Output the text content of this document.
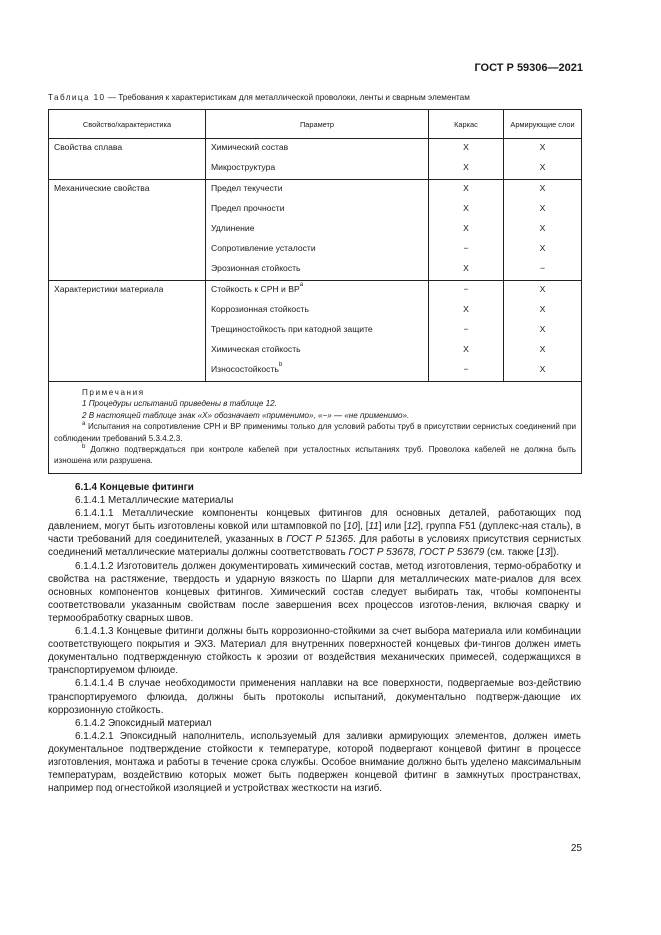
ГОСТ Р 59306—2021
Таблица 10 — Требования к характеристикам для металлической проволоки, ленты и сварным элементам
Свойство/характеристика	Параметр	Каркас	Армирующие слои
Свойства сплава	Химический состав	X	X
	Микроструктура	X	X
Механические свойства	Предел текучести	X	X
	Предел прочности	X	X
	Удлинение	X	X
	Сопротивление усталости	−	X
	Эрозионная стойкость	X	−
Характеристики материала	Стойкость к СРН и $ВР^a$	−	X
	Коррозионная стойкость	X	X
	Трещиностойкость при катодной защите	−	X
	Химическая стойкость	X	X
	Износостойкость$^b$	−	X

Примечания
1 Процедуры испытаний приведены в таблице 12.
2 В настоящей таблице знак «X» обозначает «применимо», «−» — «не применимо».
$^a$ Испытания на сопротивление СРН и ВР применимы только для условий работы труб в присутствии сернистых соединений при соблюдении требований 5.3.4.2.3.
$^b$ Должно подтверждаться при контроле кабелей при усталостных испытаниях труб. Проволока кабелей не должна быть изношена или разрушена.			

6.1.4 Концевые фитинги

6.1.4.1 Металлические материалы

6.1.4.1.1 Металлические компоненты концевых фитингов для основных деталей, работающих под давлением, могут быть изготовлены ковкой или штамповкой по [10], [11] или [12], группа F51 (дуплекс-ная сталь), в части требований для соединителей, указанных в ГОСТ Р 51365. Для работы в условиях присутствия сернистых соединений металлические материалы должны соответствовать ГОСТ Р 53678, ГОСТ Р 53679 (см. также [13]).

6.1.4.1.2 Изготовитель должен документировать химический состав, метод изготовления, термо-обработку и свойства на растяжение, твердость и ударную вязкость по Шарпи для металлических мате-риалов для всех основных компонентов концевых фитингов. Химический состав следует выбирать так, чтобы компоненты соответствовали указанным свойствам после завершения всех процессов изготов-ления, включая сварку и термообработку сварных швов.

6.1.4.1.3 Концевые фитинги должны быть коррозионно-стойкими за счет выбора материала или комбинации соответствующего покрытия и ЭХЗ. Материал для внутренних поверхностей концевых фи-тингов должен иметь документально подтвержденную стойкость к эрозии от воздействия механических примесей, содержащихся в транспортируемом флюиде.

6.1.4.1.4 В случае необходимости применения наплавки на все поверхности, подвергаемые воз-действию транспортируемого флюида, должны быть протоколы испытаний, документально подтверж-дающие их коррозионную стойкость.

6.1.4.2 Эпоксидный материал

6.1.4.2.1 Эпоксидный наполнитель, используемый для заливки армирующих элементов, должен иметь документальное подтверждение стойкости к температуре, которой подвергают концевой фитинг в процессе изготовления, монтажа и работы в течение срока службы. Особое внимание должно быть уделено максимальным температурам, воздействию которых может быть подвержен концевой фитинг в замкнутых пространствах, например под огнестойкой изоляцией и устройствах жесткости на изгиб.

25
